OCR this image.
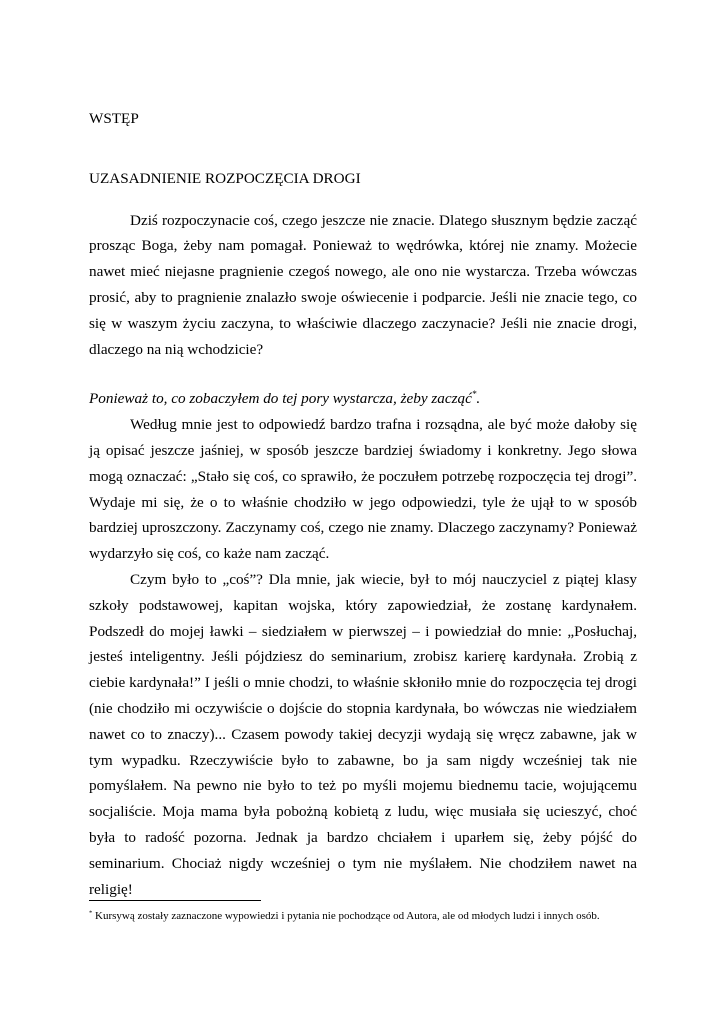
WSTĘP

UZASADNIENIE ROZPOCZĘCIA DROGI

Dziś rozpoczynacie coś, czego jeszcze nie znacie. Dlatego słusznym będzie zacząć prosząc Boga, żeby nam pomagał. Ponieważ to wędrówka, której nie znamy. Możecie nawet mieć niejasne pragnienie czegoś nowego, ale ono nie wystarcza. Trzeba wówczas prosić, aby to pragnienie znalazło swoje oświecenie i podparcie. Jeśli nie znacie tego, co się w waszym życiu zaczyna, to właściwie dlaczego zaczynacie? Jeśli nie znacie drogi, dlaczego na nią wchodzicie?

Ponieważ to, co zobaczyłem do tej pory wystarcza, żeby zacząć*.

Według mnie jest to odpowiedź bardzo trafna i rozsądna, ale być może dałoby się ją opisać jeszcze jaśniej, w sposób jeszcze bardziej świadomy i konkretny. Jego słowa mogą oznaczać: „Stało się coś, co sprawiło, że poczułem potrzebę rozpoczęcia tej drogi”. Wydaje mi się, że o to właśnie chodziło w jego odpowiedzi, tyle że ujął to w sposób bardziej uproszczony. Zaczynamy coś, czego nie znamy. Dlaczego zaczynamy? Ponieważ wydarzyło się coś, co każe nam zacząć.

Czym było to „coś”? Dla mnie, jak wiecie, był to mój nauczyciel z piątej klasy szkoły podstawowej, kapitan wojska, który zapowiedział, że zostanę kardynałem. Podszedł do mojej ławki – siedziałem w pierwszej – i powiedział do mnie: „Posłuchaj, jesteś inteligentny. Jeśli pójdziesz do seminarium, zrobisz karierę kardynała. Zrobią z ciebie kardynała!” I jeśli o mnie chodzi, to właśnie skłoniło mnie do rozpoczęcia tej drogi (nie chodziło mi oczywiście o dojście do stopnia kardynała, bo wówczas nie wiedziałem nawet co to znaczy)... Czasem powody takiej decyzji wydają się wręcz zabawne, jak w tym wypadku. Rzeczywiście było to zabawne, bo ja sam nigdy wcześniej tak nie pomyślałem. Na pewno nie było to też po myśli mojemu biednemu tacie, wojującemu socjaliście. Moja mama była pobożną kobietą z ludu, więc musiała się ucieszyć, choć była to radość pozorna. Jednak ja bardzo chciałem i uparłem się, żeby pójść do seminarium. Chociaż nigdy wcześniej o tym nie myślałem. Nie chodziłem nawet na religię!

* Kursywą zostały zaznaczone wypowiedzi i pytania nie pochodzące od Autora, ale od młodych ludzi i innych osób.
